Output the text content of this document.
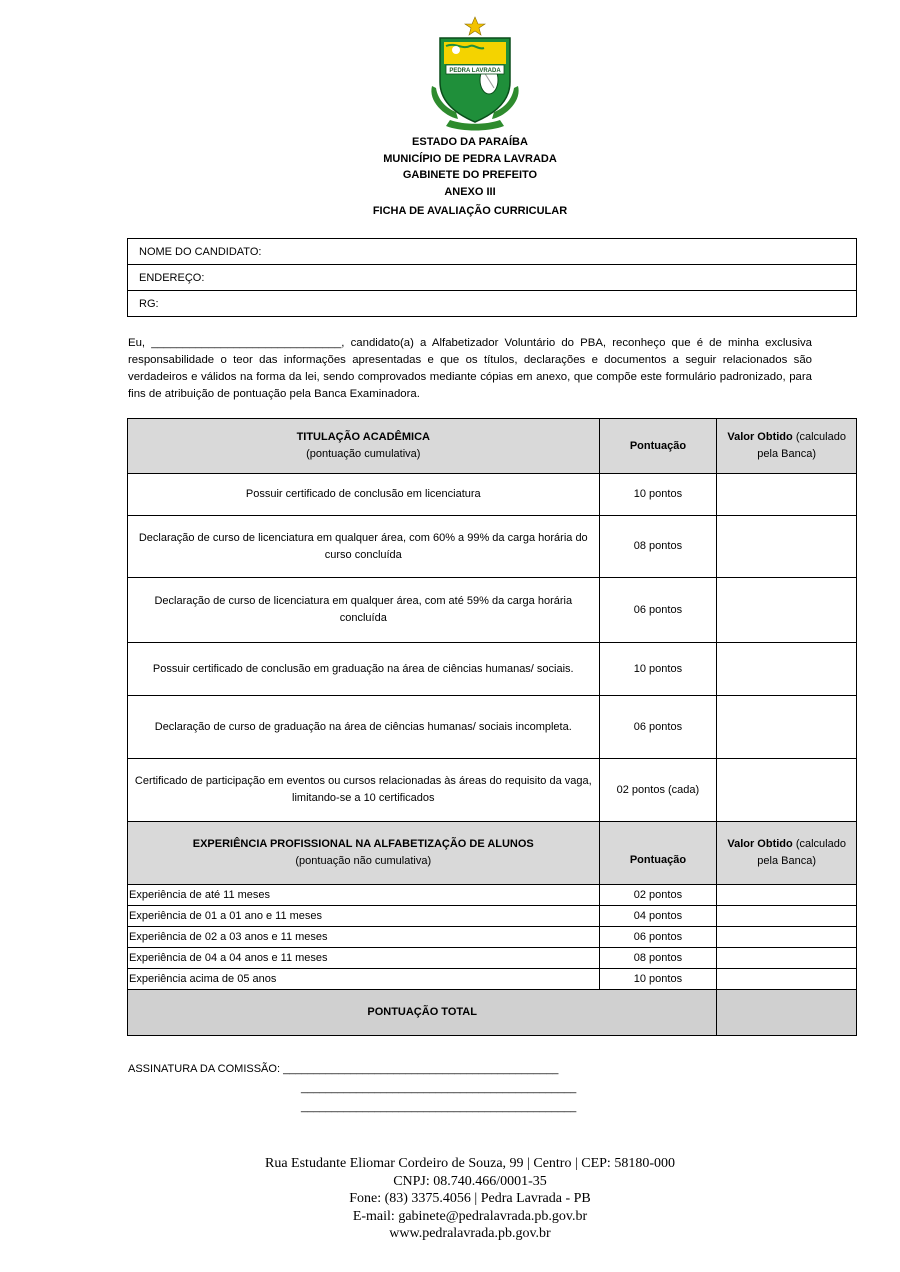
PEDRA LAVRADA
ESTADO DA PARAÍBA
MUNICÍPIO DE PEDRA LAVRADA
GABINETE DO PREFEITO
ANEXO III
FICHA DE AVALIAÇÃO CURRICULAR
NOME DO CANDIDATO:
ENDEREÇO:
RG:
Eu, ______________________________, candidato(a) a Alfabetizador Voluntário do PBA, reconheço que é de minha exclusiva responsabilidade o teor das informações apresentadas e que os títulos, declarações e documentos a seguir relacionados são verdadeiros e válidos na forma da lei, sendo comprovados mediante cópias em anexo, que compõe este formulário padronizado, para fins de atribuição de pontuação pela Banca Examinadora.
TITULAÇÃO ACADÊMICA
(pontuação cumulativa)	Pontuação	Valor Obtido (calculado pela Banca)
Possuir certificado de conclusão em licenciatura	10 pontos	
Declaração de curso de licenciatura em qualquer área, com 60% a 99% da carga horária do curso concluída	08 pontos	
Declaração de curso de licenciatura em qualquer área, com até 59% da carga horária concluída	06 pontos	
Possuir certificado de conclusão em graduação na área de ciências humanas/ sociais.	10 pontos	
Declaração de curso de graduação na área de ciências humanas/ sociais incompleta.	06 pontos	
Certificado de participação em eventos ou cursos relacionadas às áreas do requisito da vaga, limitando-se a 10 certificados	02 pontos (cada)	

EXPERIÊNCIA PROFISSIONAL NA ALFABETIZAÇÃO DE ALUNOS
(pontuação não cumulativa)	Pontuação	Valor Obtido (calculado pela Banca)
Experiência de até 11 meses	02 pontos	
Experiência de 01 a 01 ano e 11 meses	04 pontos	
Experiência de 02 a 03 anos e 11 meses	06 pontos	
Experiência de 04 a 04 anos e 11 meses	08 pontos	
Experiência acima de 05 anos	10 pontos	
PONTUAÇÃO TOTAL		
ASSINATURA DA COMISSÃO: _____________________________________________
_____________________________________________
_____________________________________________
Rua Estudante Eliomar Cordeiro de Souza, 99 | Centro | CEP: 58180-000
CNPJ: 08.740.466/0001-35
Fone: (83) 3375.4056 | Pedra Lavrada - PB
E-mail: gabinete@pedralavrada.pb.gov.br
www.pedralavrada.pb.gov.br
